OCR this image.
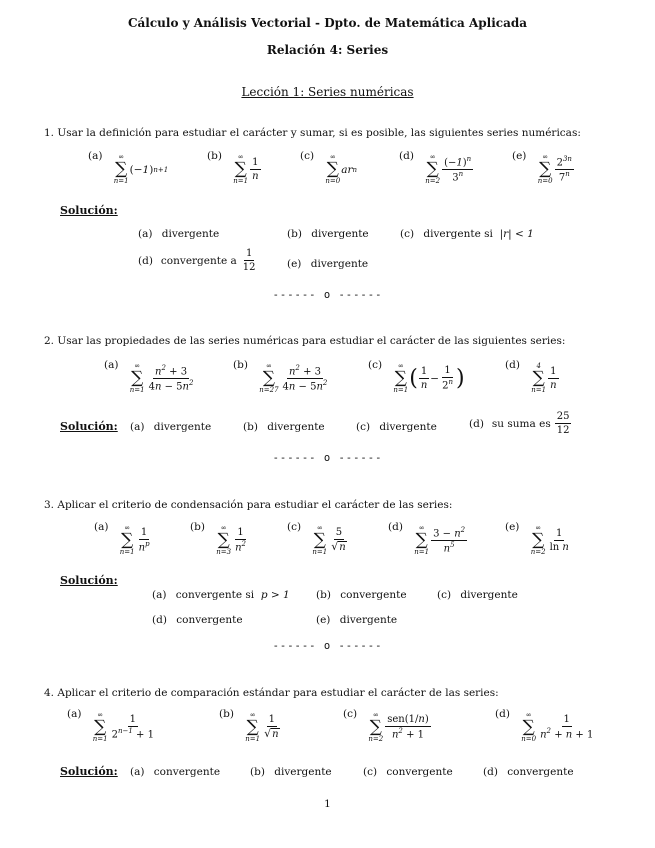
Cálculo y Análisis Vectorial - Dpto. de Matemática Aplicada
Relación 4: Series
Lección 1: Series numéricas
1. Usar la definición para estudiar el carácter y sumar, si es posible, las siguientes series numéricas:
(a) ∞
∑
n=1
( −1 ) n+1
(b) ∞
∑
$n=1 \frac{1}{n}$
(c) ∞
∑
n=0
ar n
(d) ∞
∑
$n=2 \frac{(-1)^n}{3^n}$	(e) ∞
∑
$n=0 \frac{2^{3n}}{7^n}$
Solución:
(a) divergente	(b) divergente	(c) divergente si  |r| < 1
(d) convergente a $\frac{1}{12}$	(e) divergente
------ o ------
2. Usar las propiedades de las series numéricas para estudiar el carácter de las siguientes series:
(a) ∞
∑
$n=1 \frac{n^2 + 3}{4n - 5n^2}$	(b)	∞
∑
$n=27 \frac{n^2 + 3}{4n - 5n^2}$	(c) ∞
∑
n=1 ( $\frac{1}{n} - \frac{1}{2^n}$ )
(d) 4
∑
$n=1 \frac{1}{n}$
Solución: (a) divergente	(b) divergente	(c) divergente	(d) su suma es $\frac{25}{12}$
------ o ------
3. Aplicar el criterio de condensación para estudiar el carácter de las series:
(a) ∞
∑
$n=1 \frac{1}{n^p}$
(b) ∞
∑
$n=3 \frac{1}{n^2}$
(c) ∞
∑
$n=1 \frac{5}{√ n}$
(d) ∞
∑
$n=1 \frac{3 - n^2}{n^5}$	(e) ∞
∑
$n=2 \frac{1}{\text{ln n}}$
Solución:
(a) convergente si  p > 1	(b) convergente	(c) divergente
(d) convergente	(e) divergente
------ o ------
4. Aplicar el criterio de comparación estándar para estudiar el carácter de las series:
(a) ∞
∑
$n=1 \frac{1}{2^{n-1} + 1}$
(b) ∞
∑
$n=1 \frac{1}{√ n}$
(c) ∞
∑
$n=2 \frac{\text{sen(1/n)}}{n^2 + 1}$
(d) ∞
∑
$n=0 \frac{1}{n^2 + n + 1}$
Solución: (a) convergente	(b) divergente	(c) convergente	(d) convergente
1
